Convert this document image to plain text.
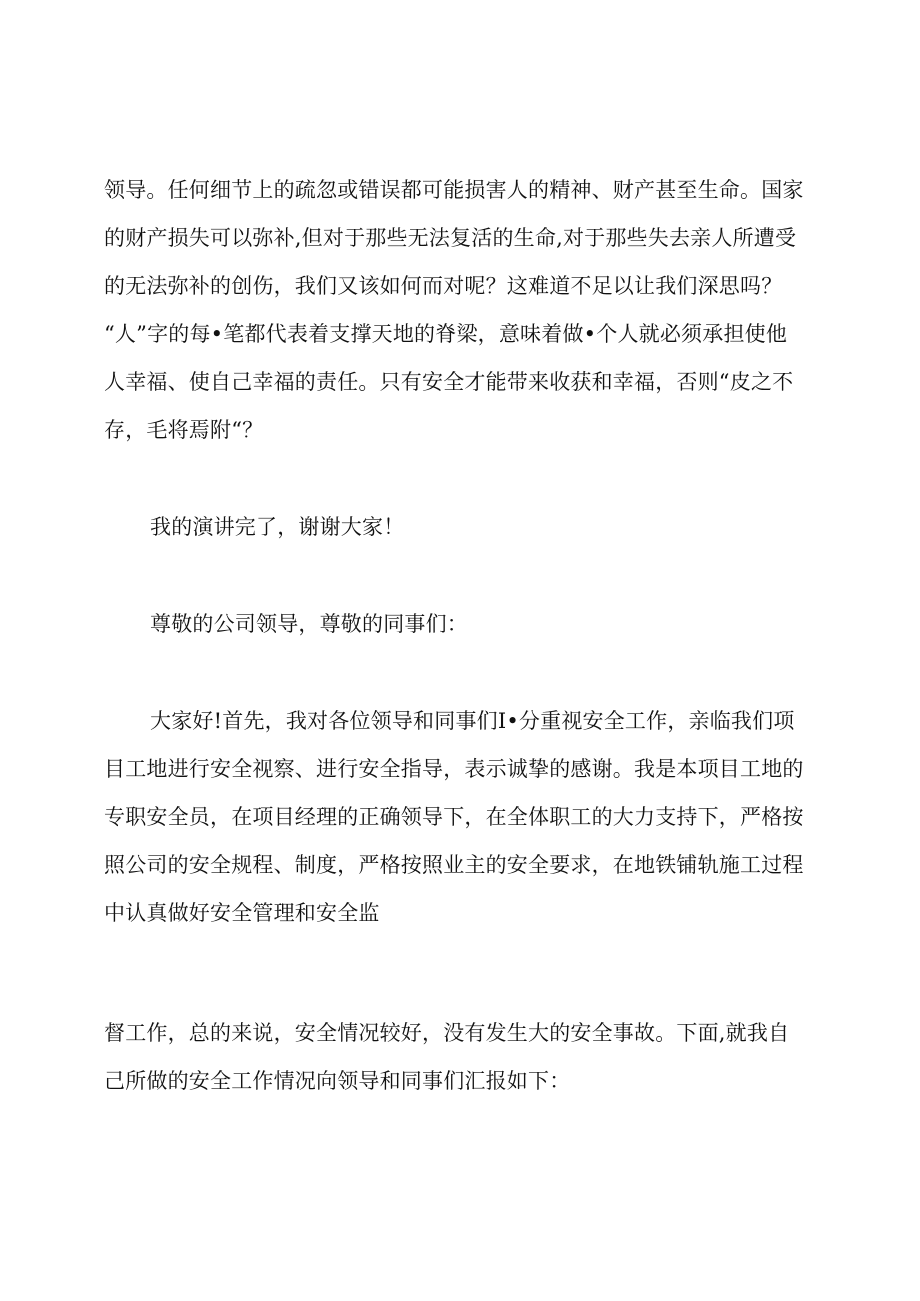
领导。任何细节上的疏忽或错误都可能损害人的精神、财产甚至生命。国家
的财产损失可以弥补,但对于那些无法复活的生命,对于那些失去亲人所遭受
的无法弥补的创伤，我们又该如何而对呢？这难道不足以让我们深思吗？
“人”字的每•笔都代表着支撑天地的脊梁，意味着做•个人就必须承担使他
人幸福、使自己幸福的责任。只有安全才能带来收获和幸福，否则“皮之不
存，毛将焉附“？
我的演讲完了，谢谢大家！
尊敬的公司领导，尊敬的同事们：
大家好!首先，我对各位领导和同事们I•分重视安全工作，亲临我们项
目工地进行安全视察、进行安全指导，表示诚挚的感谢。我是本项目工地的
专职安全员，在项目经理的正确领导下，在全体职工的大力支持下，严格按
照公司的安全规程、制度，严格按照业主的安全要求，在地铁铺轨施工过程
中认真做好安全管理和安全监
督工作，总的来说，安全情况较好，没有发生大的安全事故。下面,就我自
己所做的安全工作情况向领导和同事们汇报如下：
